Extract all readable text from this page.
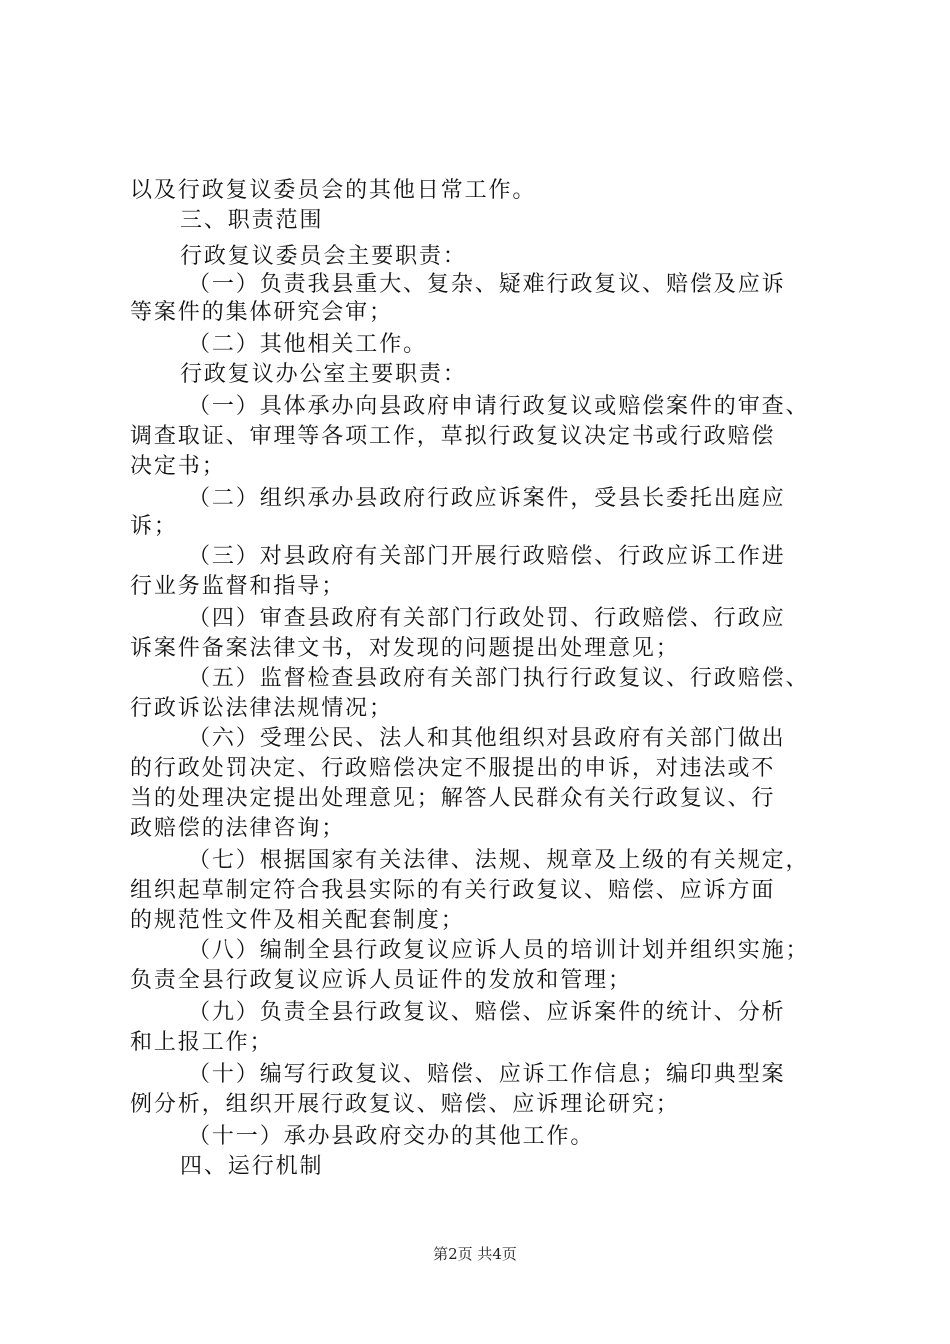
以及行政复议委员会的其他日常工作。
三、职责范围
行政复议委员会主要职责：
（一）负责我县重大、复杂、疑难行政复议、赔偿及应诉
等案件的集体研究会审；
（二）其他相关工作。
行政复议办公室主要职责：
（一）具体承办向县政府申请行政复议或赔偿案件的审查、
调查取证、审理等各项工作，草拟行政复议决定书或行政赔偿
决定书；
（二）组织承办县政府行政应诉案件，受县长委托出庭应
诉；
（三）对县政府有关部门开展行政赔偿、行政应诉工作进
行业务监督和指导；
（四）审查县政府有关部门行政处罚、行政赔偿、行政应
诉案件备案法律文书，对发现的问题提出处理意见；
（五）监督检查县政府有关部门执行行政复议、行政赔偿、
行政诉讼法律法规情况；
（六）受理公民、法人和其他组织对县政府有关部门做出
的行政处罚决定、行政赔偿决定不服提出的申诉，对违法或不
当的处理决定提出处理意见；解答人民群众有关行政复议、行
政赔偿的法律咨询；
（七）根据国家有关法律、法规、规章及上级的有关规定，
组织起草制定符合我县实际的有关行政复议、赔偿、应诉方面
的规范性文件及相关配套制度；
（八）编制全县行政复议应诉人员的培训计划并组织实施；
负责全县行政复议应诉人员证件的发放和管理；
（九）负责全县行政复议、赔偿、应诉案件的统计、分析
和上报工作；
（十）编写行政复议、赔偿、应诉工作信息；编印典型案
例分析，组织开展行政复议、赔偿、应诉理论研究；
（十一）承办县政府交办的其他工作。
四、运行机制
第2页 共4页
